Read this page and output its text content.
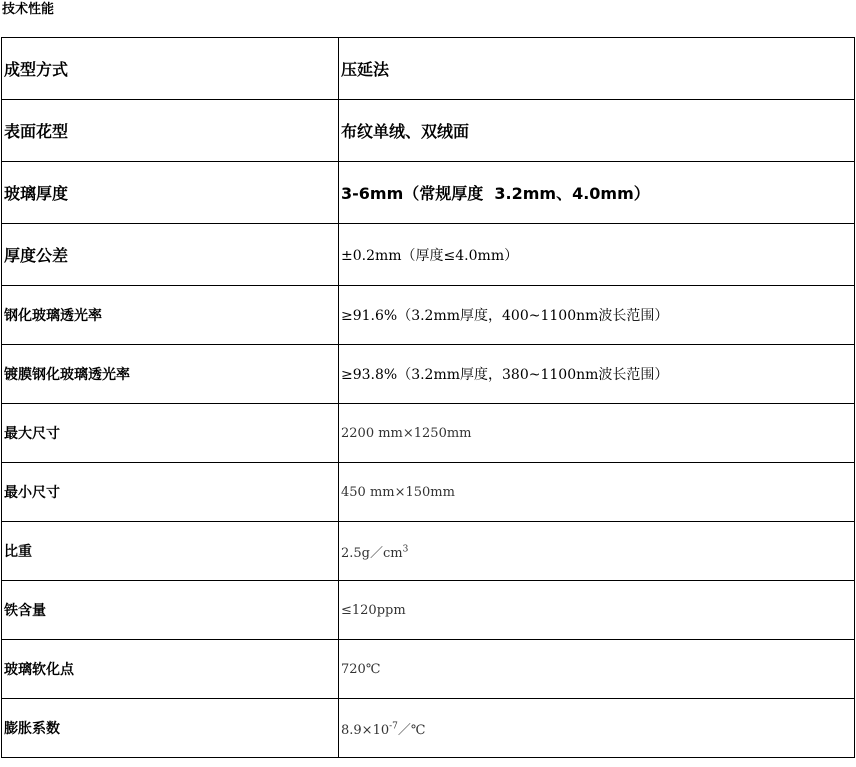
技术性能
成型方式	压延法
表面花型	布纹单绒、双绒面
玻璃厚度	3-6mm（常规厚度  3.2mm、4.0mm）
厚度公差	±0.2mm（厚度≤4.0mm）
钢化玻璃透光率	≥91.6%（3.2mm厚度，400~1100nm波长范围）
镀膜钢化玻璃透光率	≥93.8%（3.2mm厚度，380~1100nm波长范围）
最大尺寸	2200 mm×1250mm
最小尺寸	450 mm×150mm
比重	$2.5g/cm^3$
铁含量	≤120ppm
玻璃软化点	720℃
膨胀系数	$8.9\times 10^{-7}/℃$
